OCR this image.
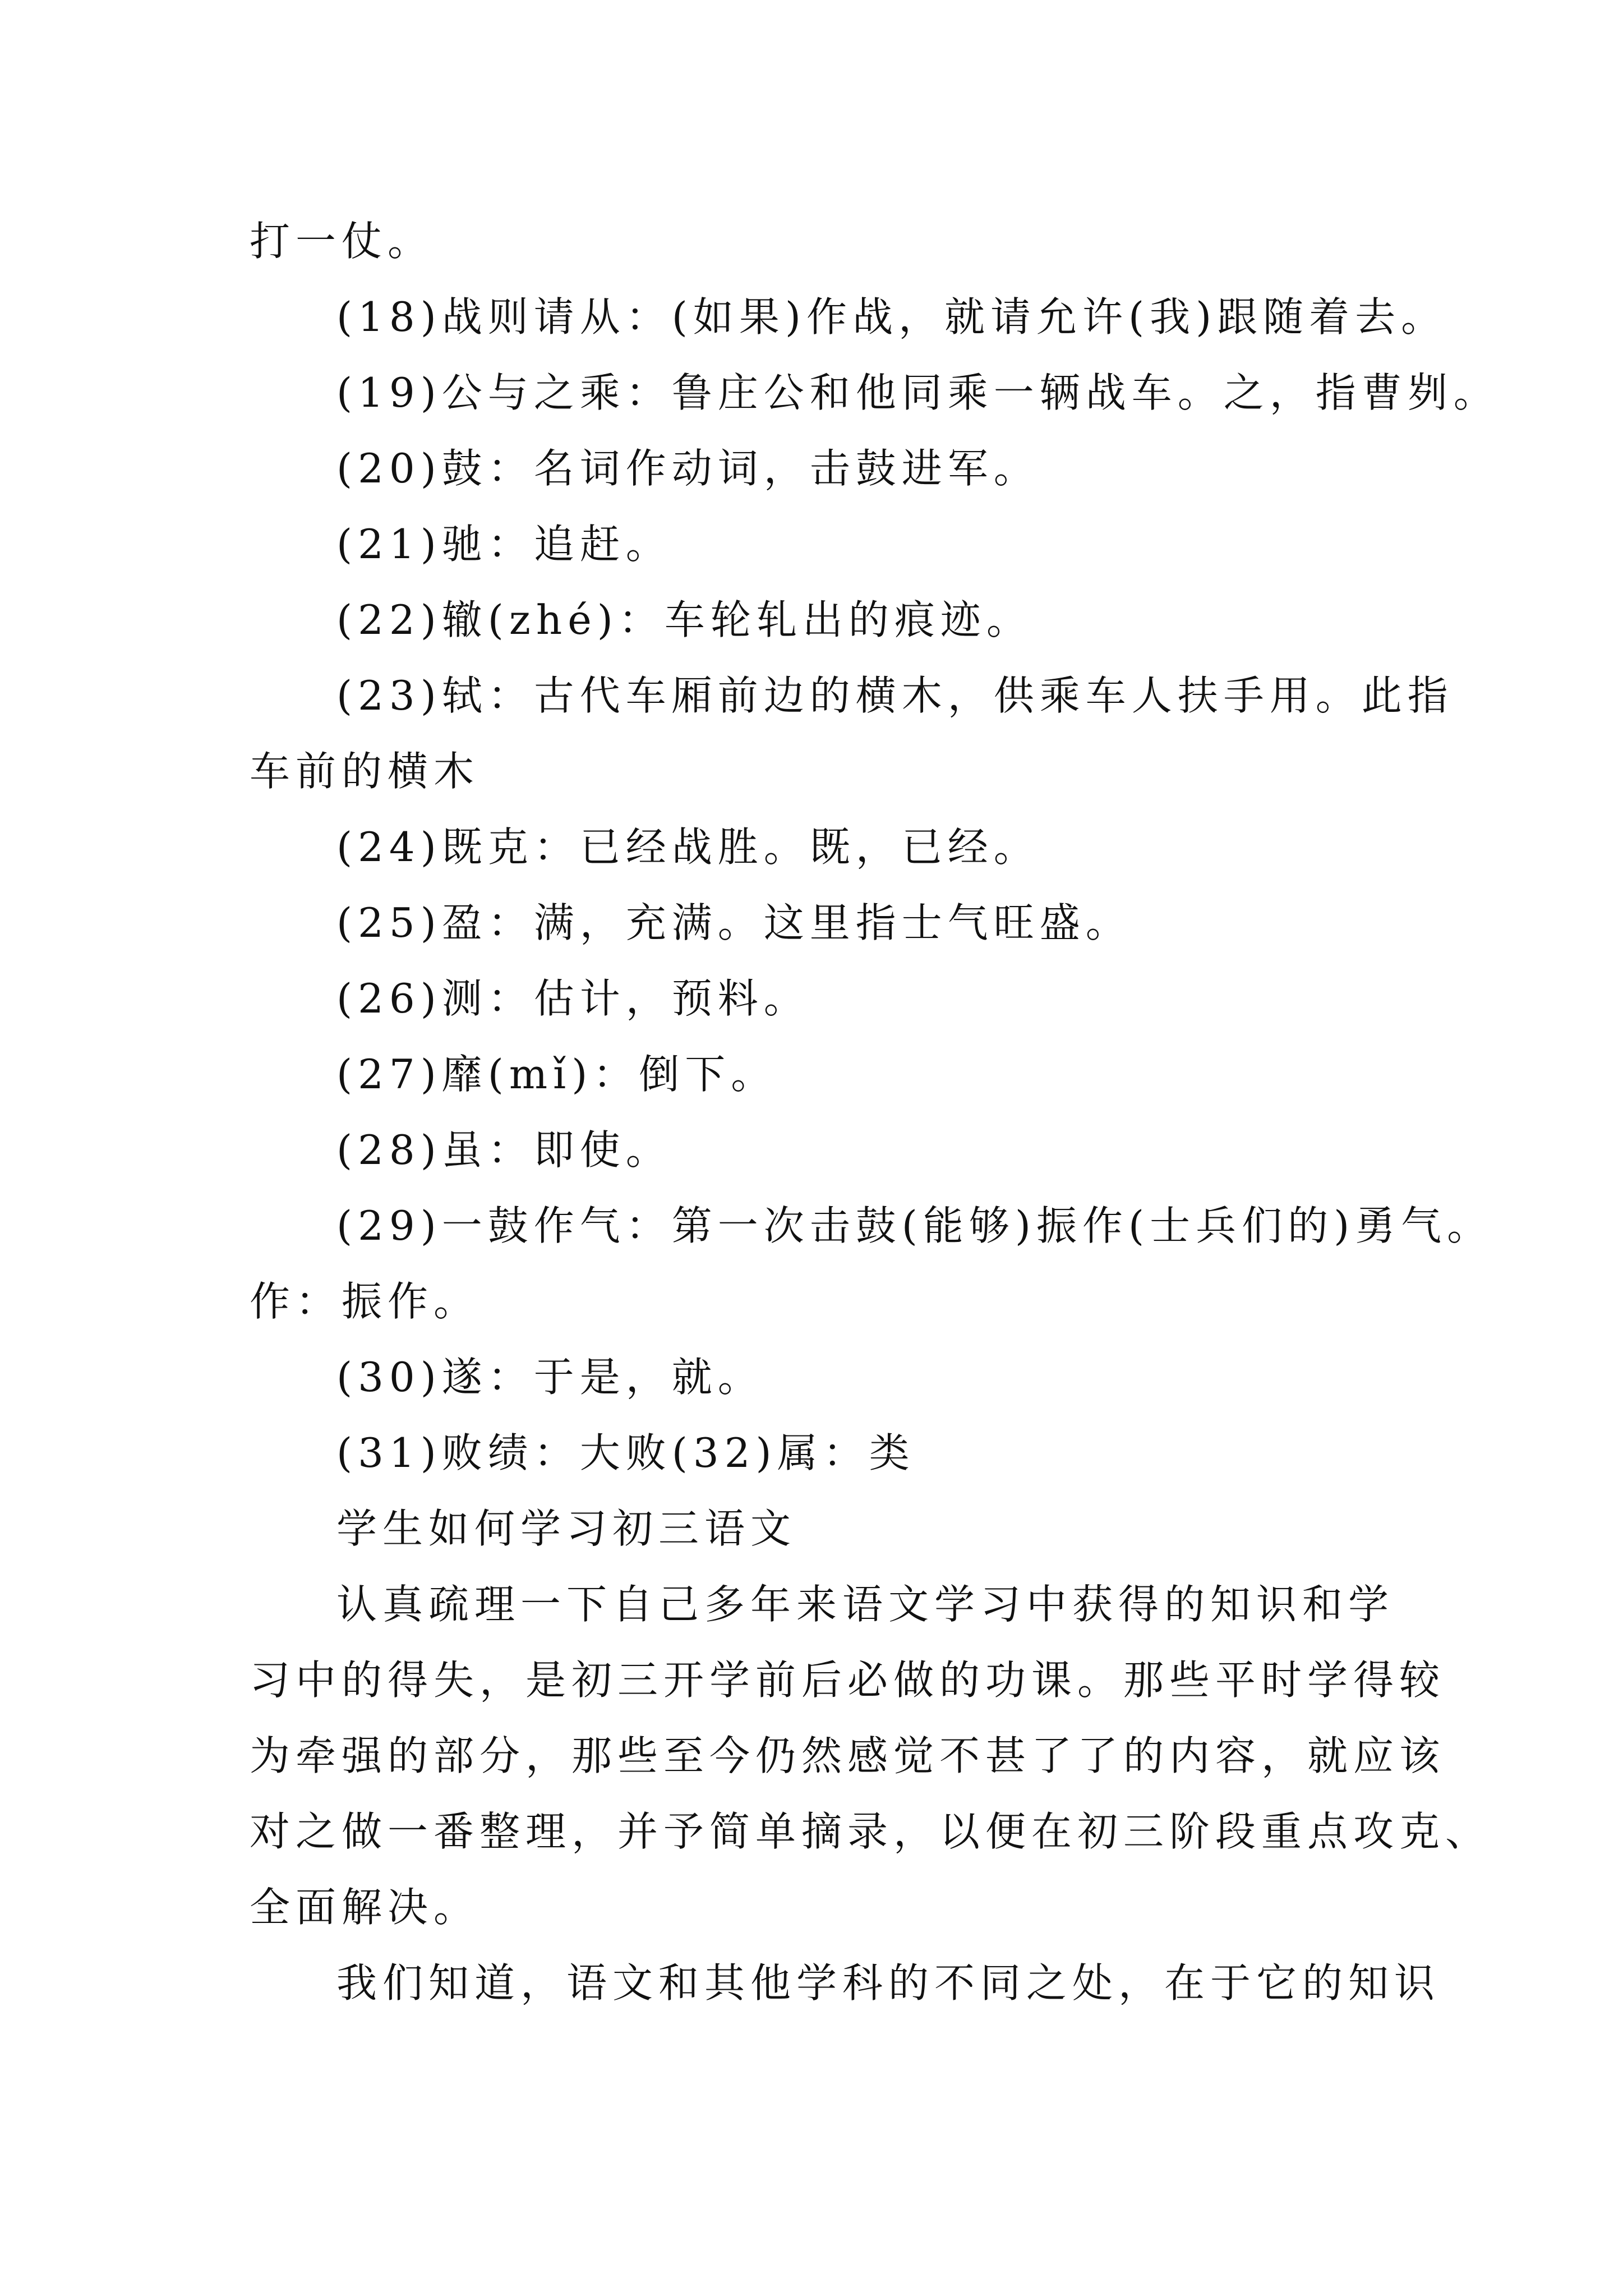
打一仗。
(18)战则请从：(如果)作战，就请允许(我)跟随着去。
(19)公与之乘：鲁庄公和他同乘一辆战车。之，指曹刿。
(20)鼓：名词作动词，击鼓进军。
(21)驰：追赶。
(22)辙(zhé)：车轮轧出的痕迹。
(23)轼：古代车厢前边的横木，供乘车人扶手用。此指
车前的横木
(24)既克：已经战胜。既，已经。
(25)盈：满，充满。这里指士气旺盛。
(26)测：估计，预料。
(27)靡(mǐ)：倒下。
(28)虽：即使。
(29)一鼓作气：第一次击鼓(能够)振作(士兵们的)勇气。
作：振作。
(30)遂：于是，就。
(31)败绩：大败(32)属：类
学生如何学习初三语文
认真疏理一下自己多年来语文学习中获得的知识和学
习中的得失，是初三开学前后必做的功课。那些平时学得较
为牵强的部分，那些至今仍然感觉不甚了了的内容，就应该
对之做一番整理，并予简单摘录，以便在初三阶段重点攻克、
全面解决。
我们知道，语文和其他学科的不同之处，在于它的知识
